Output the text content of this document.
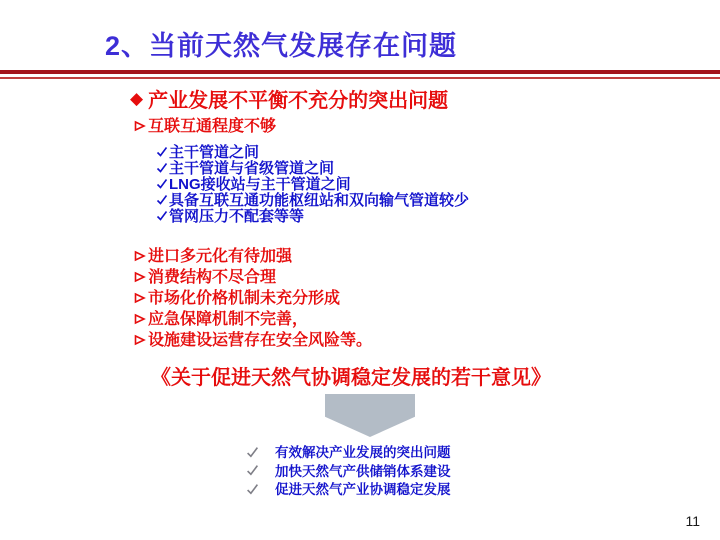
2、当前天然气发展存在问题
◆ 产业发展不平衡不充分的突出问题
互联互通程度不够
主干管道之间
主干管道与省级管道之间
LNG接收站与主干管道之间
具备互联互通功能枢纽站和双向输气管道较少
管网压力不配套等等
进口多元化有待加强
消费结构不尽合理
市场化价格机制未充分形成
应急保障机制不完善，
设施建设运营存在安全风险等。
《关于促进天然气协调稳定发展的若干意见》
有效解决产业发展的突出问题
加快天然气产供储销体系建设
促进天然气产业协调稳定发展
11
